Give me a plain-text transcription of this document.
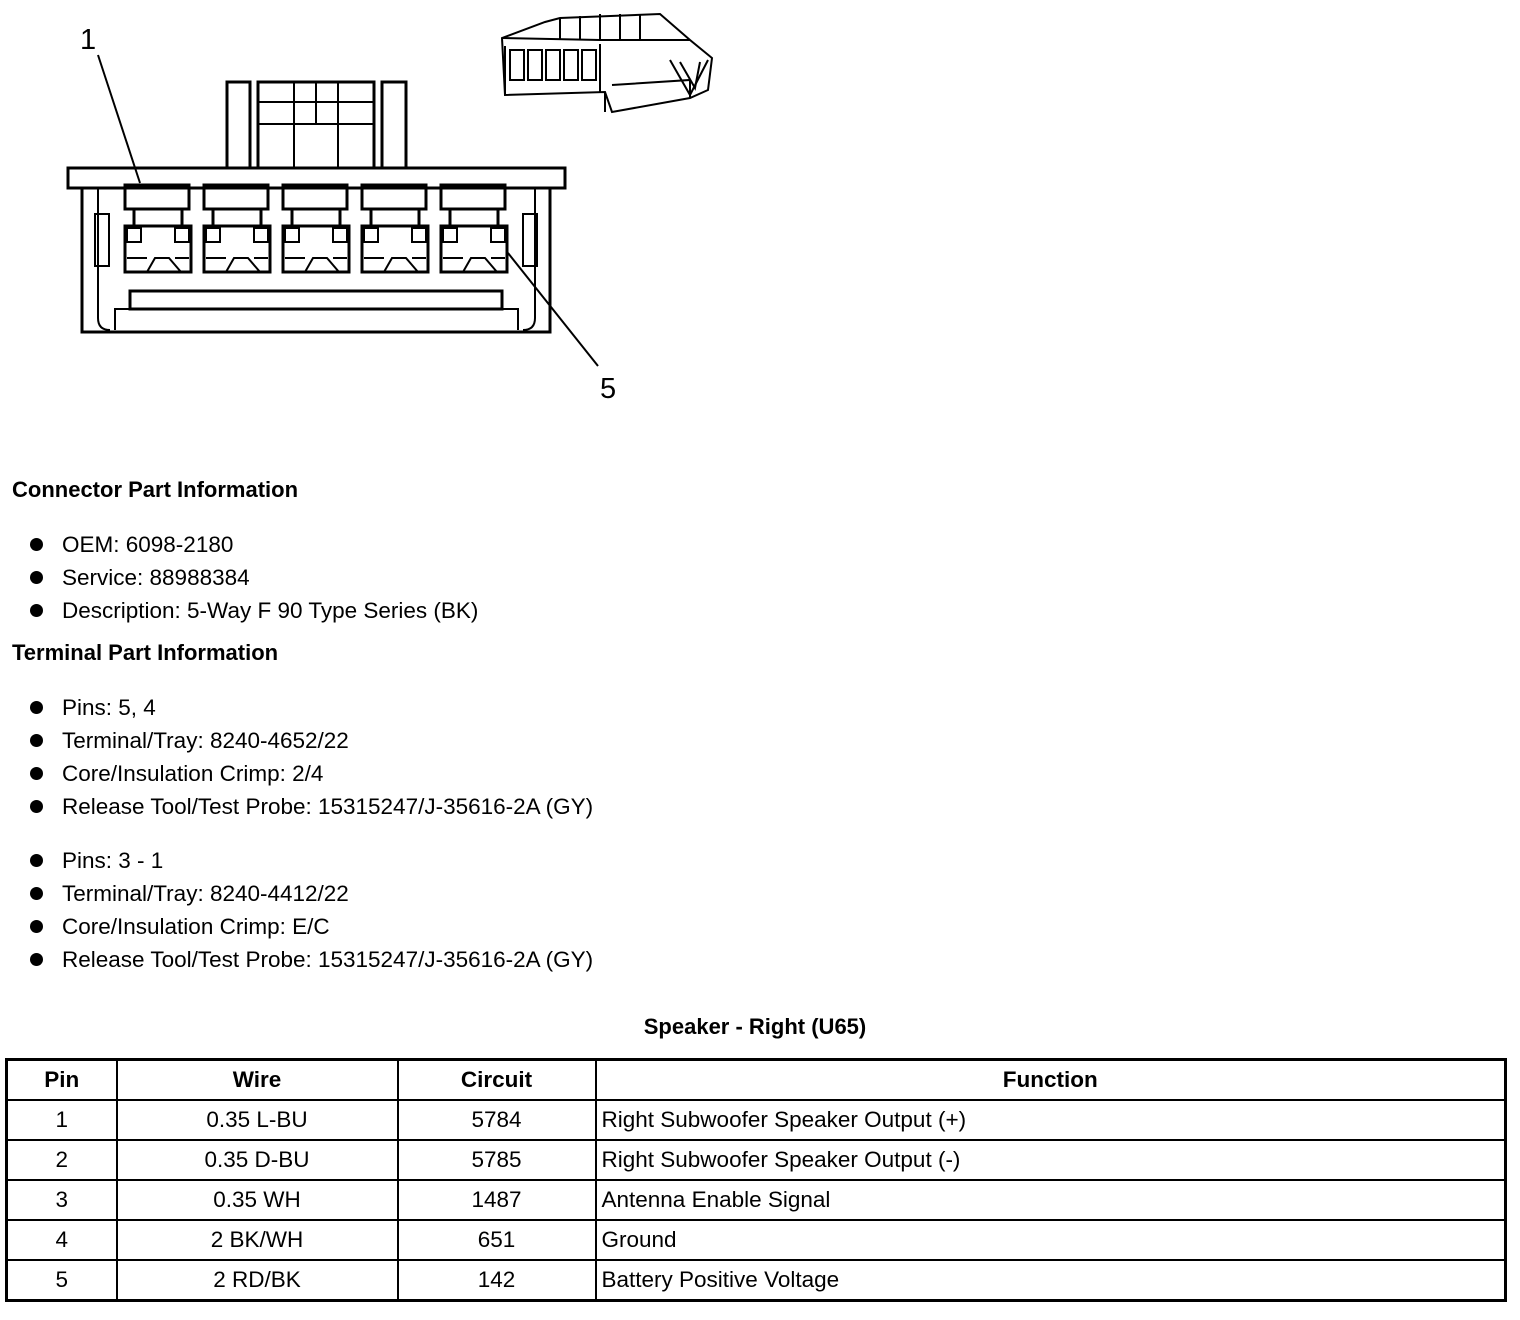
1
5
Connector Part Information
OEM: 6098-2180
Service: 88988384
Description: 5-Way F 90 Type Series (BK)
Terminal Part Information
Pins: 5, 4
Terminal/Tray: 8240-4652/22
Core/Insulation Crimp: 2/4
Release Tool/Test Probe: 15315247/J-35616-2A (GY)
Pins: 3 - 1
Terminal/Tray: 8240-4412/22
Core/Insulation Crimp: E/C
Release Tool/Test Probe: 15315247/J-35616-2A (GY)
Speaker - Right (U65)
Pin	Wire	Circuit	Function
1	0.35 L-BU	5784	Right Subwoofer Speaker Output (+)
2	0.35 D-BU	5785	Right Subwoofer Speaker Output (-)
3	0.35 WH	1487	Antenna Enable Signal
4	2 BK/WH	651	Ground
5	2 RD/BK	142	Battery Positive Voltage
